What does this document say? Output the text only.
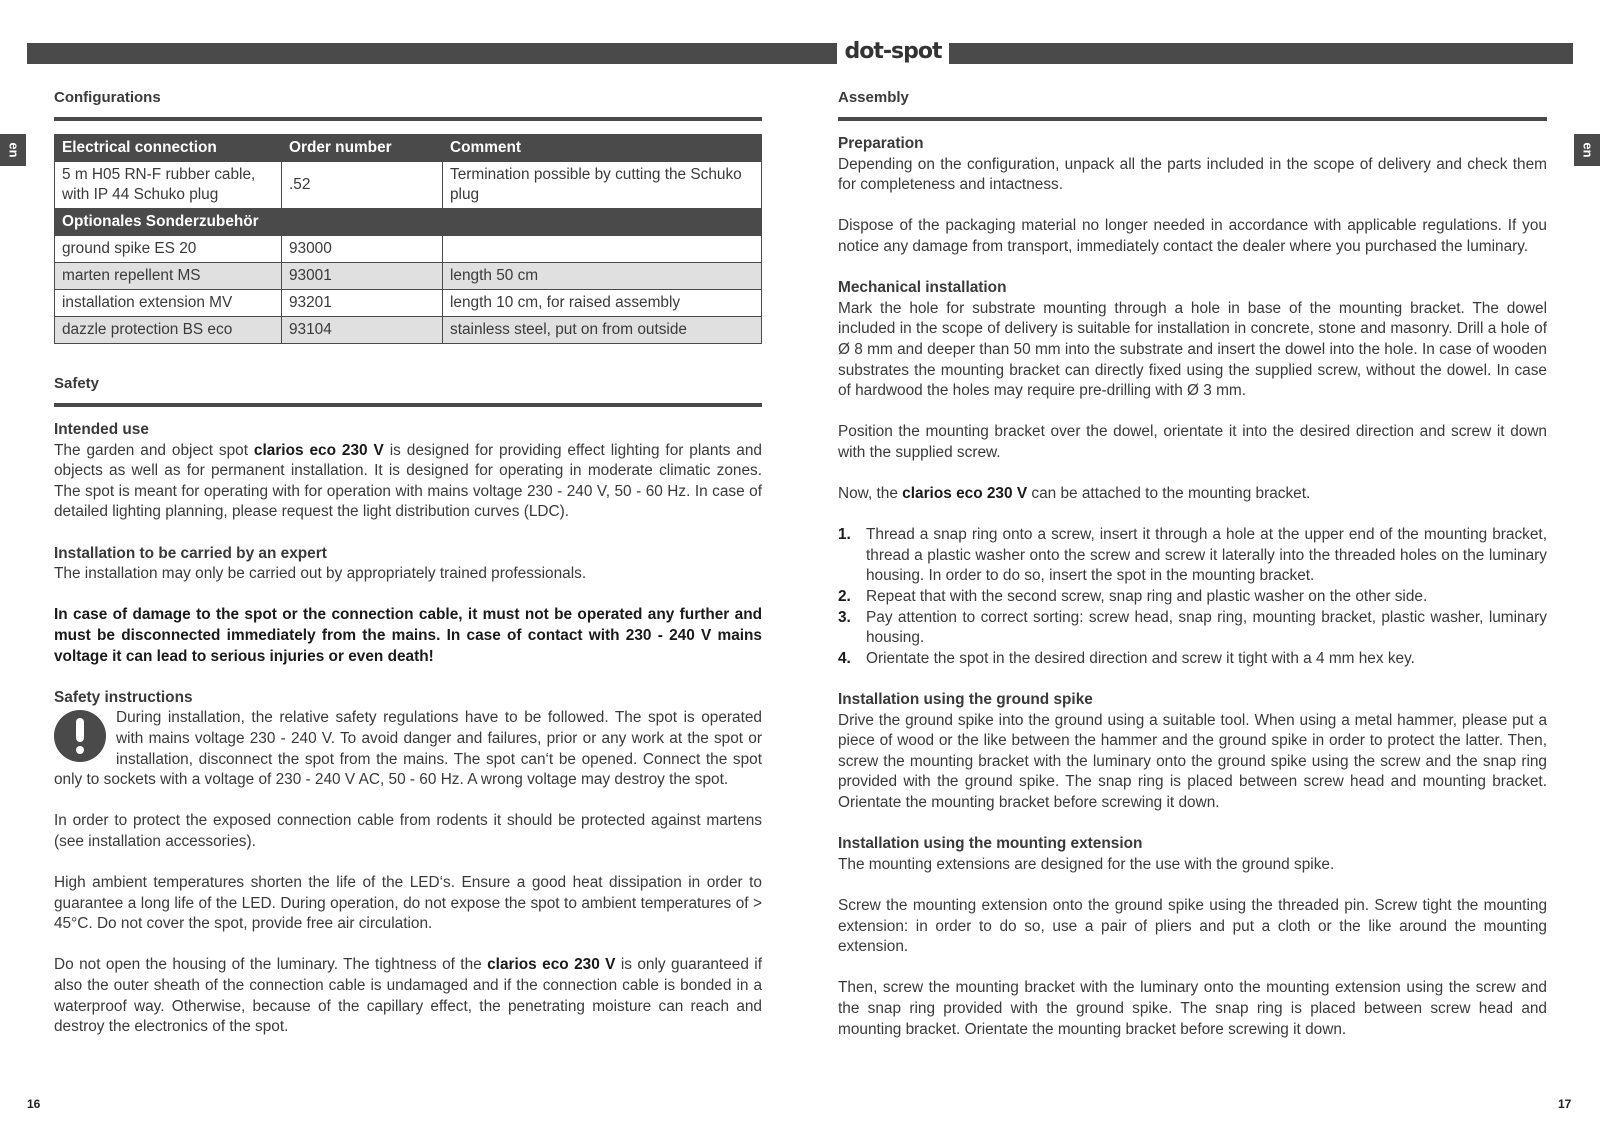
dot-spot
en	en
Configurations
Electrical connection	Order number	Comment
5 m H05 RN-F rubber cable, with IP 44 Schuko plug	.52	Termination possible by cutting the Schuko plug
Optionales Sonderzubehör		
ground spike ES 20	93000	
marten repellent MS	93001	length 50 cm
installation extension MV	93201	length 10 cm, for raised assembly
dazzle protection BS eco	93104	stainless steel, put on from outside
Safety
Intended use

The garden and object spot clarios eco 230 V is designed for providing effect lighting for plants and objects as well as for permanent installation. It is designed for operating in moderate climatic zones. The spot is meant for operating with for operation with mains voltage 230 - 240 V, 50 - 60 Hz. In case of detailed lighting planning, please request the light distribution curves (LDC).

Installation to be carried by an expert

The installation may only be carried out by appropriately trained professionals.

In case of damage to the spot or the connection cable, it must not be operated any further and must be disconnected immediately from the mains. In case of contact with 230 - 240 V mains voltage it can lead to serious injuries or even death!

Safety instructions

During installation, the relative safety regulations have to be followed. The spot is operated with mains voltage 230 - 240 V. To avoid danger and failures, prior or any work at the spot or installation, disconnect the spot from the mains. The spot can‘t be opened. Connect the spot only to sockets with a voltage of 230 - 240 V AC, 50 - 60 Hz. A wrong voltage may destroy the spot.

In order to protect the exposed connection cable from rodents it should be protected against martens (see installation accessories).

High ambient temperatures shorten the life of the LED‘s. Ensure a good heat dissipation in order to guarantee a long life of the LED. During operation, do not expose the spot to ambient temperatures of > 45°C. Do not cover the spot, provide free air circulation.

Do not open the housing of the luminary. The tightness of the clarios eco 230 V is only guaranteed if also the outer sheath of the connection cable is undamaged and if the connection cable is bonded in a waterproof way. Otherwise, because of the capillary effect, the penetrating moisture can reach and destroy the electronics of the spot.

Assembly
Preparation

Depending on the configuration, unpack all the parts included in the scope of delivery and check them for completeness and intactness.

Dispose of the packaging material no longer needed in accordance with applicable regulations. If you notice any damage from transport, immediately contact the dealer where you purchased the luminary.

Mechanical installation

Mark the hole for substrate mounting through a hole in base of the mounting bracket. The dowel included in the scope of delivery is suitable for installation in concrete, stone and masonry. Drill a hole of Ø 8 mm and deeper than 50 mm into the substrate and insert the dowel into the hole. In case of wooden substrates the mounting bracket can directly fixed using the supplied screw, without the dowel. In case of hardwood the holes may require pre-drilling with Ø 3 mm.

Position the mounting bracket over the dowel, orientate it into the desired direction and screw it down with the supplied screw.

Now, the clarios eco 230 V can be attached to the mounting bracket.

1. Thread a snap ring onto a screw, insert it through a hole at the upper end of the mounting bracket, thread a plastic washer onto the screw and screw it laterally into the threaded holes on the luminary housing. In order to do so, insert the spot in the mounting bracket.
2. Repeat that with the second screw, snap ring and plastic washer on the other side.
3. Pay attention to correct sorting: screw head, snap ring, mounting bracket, plastic washer, luminary housing.
4. Orientate the spot in the desired direction and screw it tight with a 4 mm hex key.
Installation using the ground spike

Drive the ground spike into the ground using a suitable tool. When using a metal hammer, please put a piece of wood or the like between the hammer and the ground spike in order to protect the latter. Then, screw the mounting bracket with the luminary onto the ground spike using the screw and the snap ring provided with the ground spike. The snap ring is placed between screw head and mounting bracket. Orientate the mounting bracket before screwing it down.

Installation using the mounting extension

The mounting extensions are designed for the use with the ground spike.

Screw the mounting extension onto the ground spike using the threaded pin. Screw tight the mounting extension: in order to do so, use a pair of pliers and put a cloth or the like around the mounting extension.

Then, screw the mounting bracket with the luminary onto the mounting extension using the screw and the snap ring provided with the ground spike. The snap ring is placed between screw head and mounting bracket. Orientate the mounting bracket before screwing it down.

16	17
